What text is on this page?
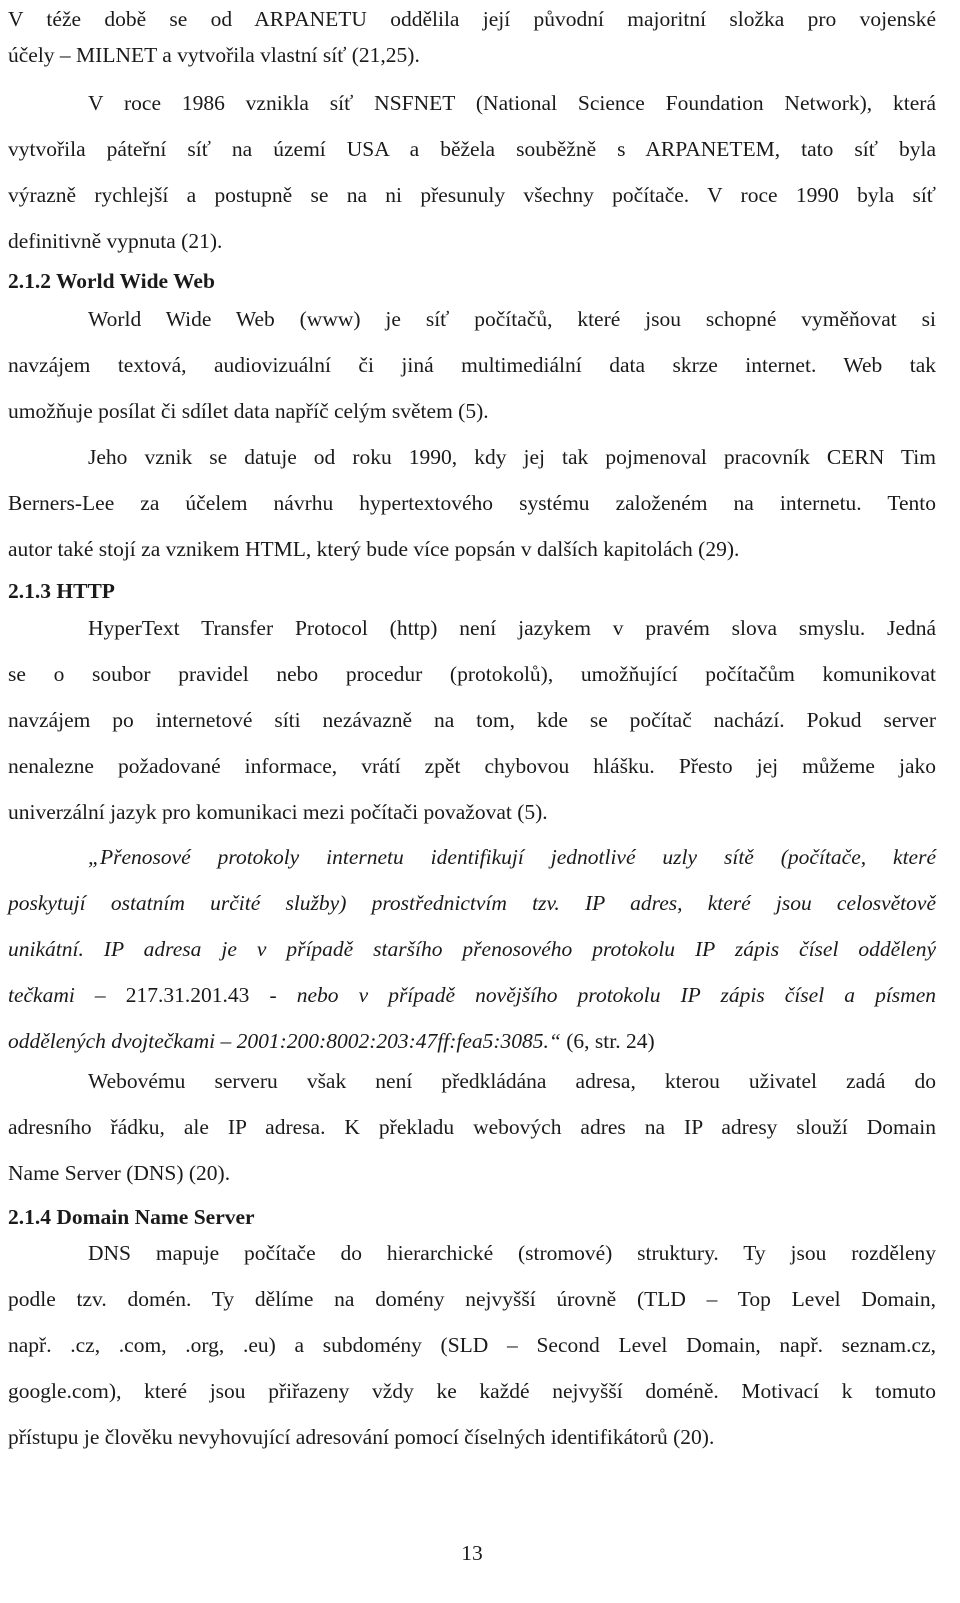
V téže době se od ARPANETU oddělila její původní majoritní složka pro vojenské
účely – MILNET a vytvořila vlastní síť (21,25).
V roce 1986 vznikla síť NSFNET (National Science Foundation Network), která
vytvořila páteřní síť na území USA a běžela souběžně s ARPANETEM, tato síť byla
výrazně rychlejší a postupně se na ni přesunuly všechny počítače. V roce 1990 byla síť
definitivně vypnuta (21).
2.1.2 World Wide Web
World Wide Web (www) je síť počítačů, které jsou schopné vyměňovat si
navzájem textová, audiovizuální či jiná multimediální data skrze internet. Web tak
umožňuje posílat či sdílet data napříč celým světem (5).
Jeho vznik se datuje od roku 1990, kdy jej tak pojmenoval pracovník CERN Tim
Berners-Lee za účelem návrhu hypertextového systému založeném na internetu. Tento
autor také stojí za vznikem HTML, který bude více popsán v dalších kapitolách (29).
2.1.3 HTTP
HyperText Transfer Protocol (http) není jazykem v pravém slova smyslu. Jedná
se o soubor pravidel nebo procedur (protokolů), umožňující počítačům komunikovat
navzájem po internetové síti nezávazně na tom, kde se počítač nachází. Pokud server
nenalezne požadované informace, vrátí zpět chybovou hlášku. Přesto jej můžeme jako
univerzální jazyk pro komunikaci mezi počítači považovat (5).
„Přenosové protokoly internetu identifikují jednotlivé uzly sítě (počítače, které
poskytují ostatním určité služby) prostřednictvím tzv. IP adres, které jsou celosvětově
unikátní. IP adresa je v případě staršího přenosového protokolu IP zápis čísel oddělený
tečkami – 217.31.201.43 - nebo v případě novějšího protokolu IP zápis čísel a písmen
oddělených dvojtečkami – 2001:200:8002:203:47ff:fea5:3085.“ (6, str. 24)
Webovému serveru však není předkládána adresa, kterou uživatel zadá do
adresního řádku, ale IP adresa. K překladu webových adres na IP adresy slouží Domain
Name Server (DNS) (20).
2.1.4 Domain Name Server
DNS mapuje počítače do hierarchické (stromové) struktury. Ty jsou rozděleny
podle tzv. domén. Ty dělíme na domény nejvyšší úrovně (TLD – Top Level Domain,
např. .cz, .com, .org, .eu) a subdomény (SLD – Second Level Domain, např. seznam.cz,
google.com), které jsou přiřazeny vždy ke každé nejvyšší doméně. Motivací k tomuto
přístupu je člověku nevyhovující adresování pomocí číselných identifikátorů (20).
13
